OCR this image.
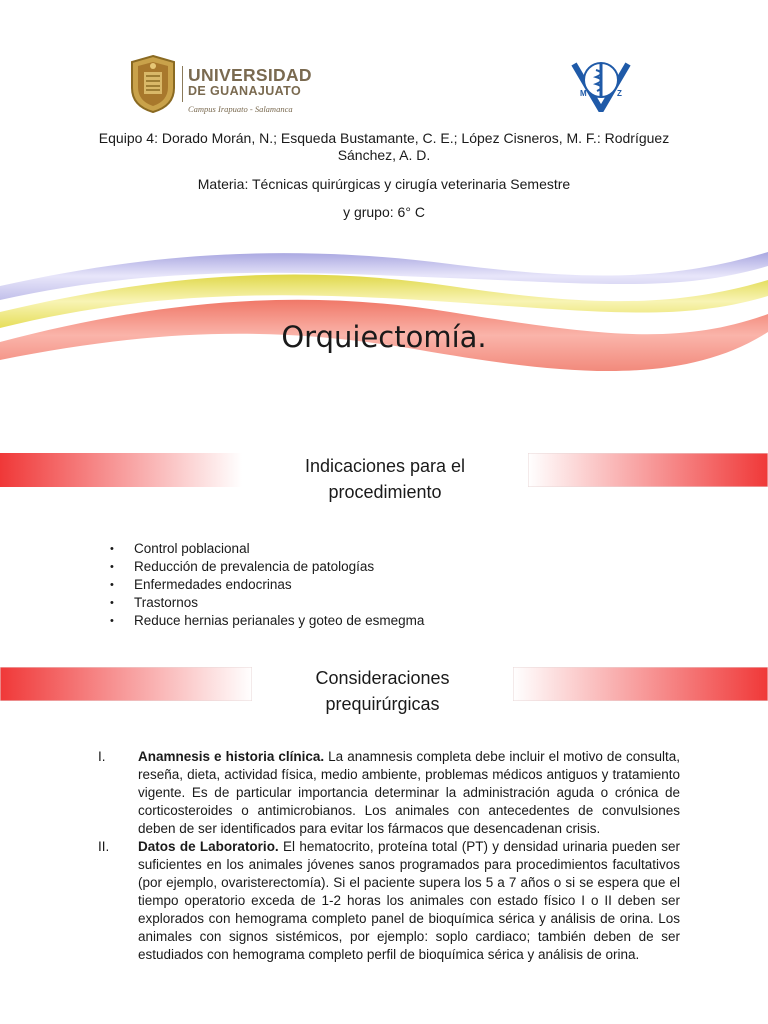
UNIVERSIDAD
DE GUANAJUATO
Campus Irapuato - Salamanca
M	Z
Equipo 4: Dorado Morán, N.; Esqueda Bustamante, C. E.; López Cisneros, M. F.: Rodríguez Sánchez, A. D.
Materia: Técnicas quirúrgicas y cirugía veterinaria Semestre
y grupo: 6° C
Orquiectomía.
Indicaciones para el
procedimiento
• Control poblacional
• Reducción de prevalencia de patologías
• Enfermedades endocrinas
• Trastornos
• Reduce hernias perianales y goteo de esmegma
Consideraciones
prequirúrgicas
I. Anamnesis e historia clínica. La anamnesis completa debe incluir el motivo de consulta, reseña, dieta, actividad física, medio ambiente, problemas médicos antiguos y tratamiento vigente. Es de particular importancia determinar la administración aguda o crónica de corticosteroides o antimicrobianos. Los animales con antecedentes de convulsiones deben de ser identificados para evitar los fármacos que desencadenan crisis.
II. Datos de Laboratorio. El hematocrito, proteína total (PT) y densidad urinaria pueden ser suficientes en los animales jóvenes sanos programados para procedimientos facultativos (por ejemplo, ovaristerectomía). Si el paciente supera los 5 a 7 años o si se espera que el tiempo operatorio exceda de 1-2 horas los animales con estado físico I o II deben ser explorados con hemograma completo panel de bioquímica sérica y análisis de orina. Los animales con signos sistémicos, por ejemplo: soplo cardiaco; también deben de ser estudiados con hemograma completo perfil de bioquímica sérica y análisis de orina.
